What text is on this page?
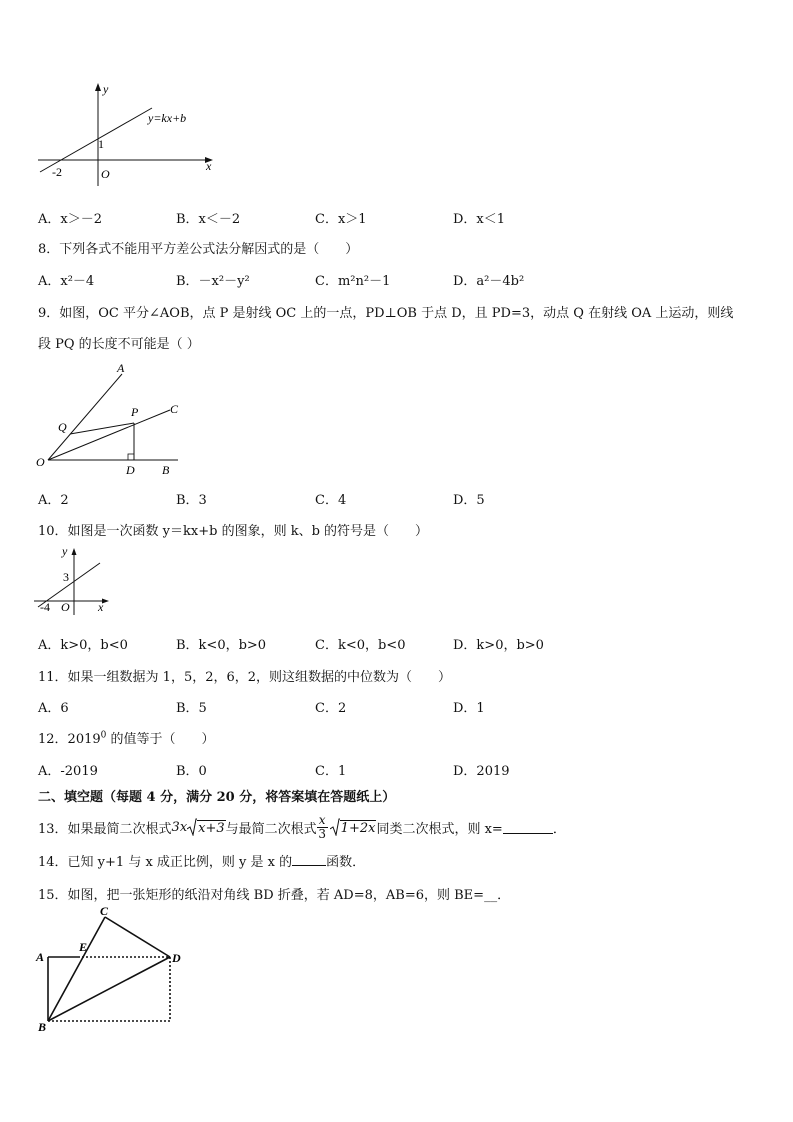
y
x
y=kx+b
1
-2	O
A．x＞－2	B．x＜－2	C．x＞1	D．x＜1
8．下列各式不能用平方差公式法分解因式的是（　　）
A．x²－4	B．－x²－y²	C．m²n²－1	D．a²－4b²
9．如图，OC 平分∠AOB，点 P 是射线 OC 上的一点，PD⊥OB 于点 D，且 PD=3，动点 Q 在射线 OA 上运动，则线
段 PQ 的长度不可能是（ ）
A
C
P
Q
O
D B
A．2	B．3	C．4	D．5
10．如图是一次函数 y＝kx+b 的图象，则 k、b 的符号是（　　）
y
x
3
-4 O
A．k>0，b<0	B．k<0，b>0	C．k<0，b<0	D．k>0，b>0
11．如果一组数据为 1，5，2，6，2，则这组数据的中位数为（　　）
A．6	B．5	C．2	D．1
12．2019$^0$ 的值等于（　　）
A．-2019	B．0	C．1	D．2019
二、填空题（每题 4 分，满分 20 分，将答案填在答题纸上）
13．如果最简二次根式 3x x+3 与最简二次根式 $\frac{x}{3} 1+2x$ 同类二次根式，则 x=	．
14．已知 y+1 与 x 成正比例，则 y 是 x 的	函数．
15．如图，把一张矩形的纸沿对角线 BD 折叠，若 AD=8，AB=6，则 BE=__．
C
E
A	D
B
